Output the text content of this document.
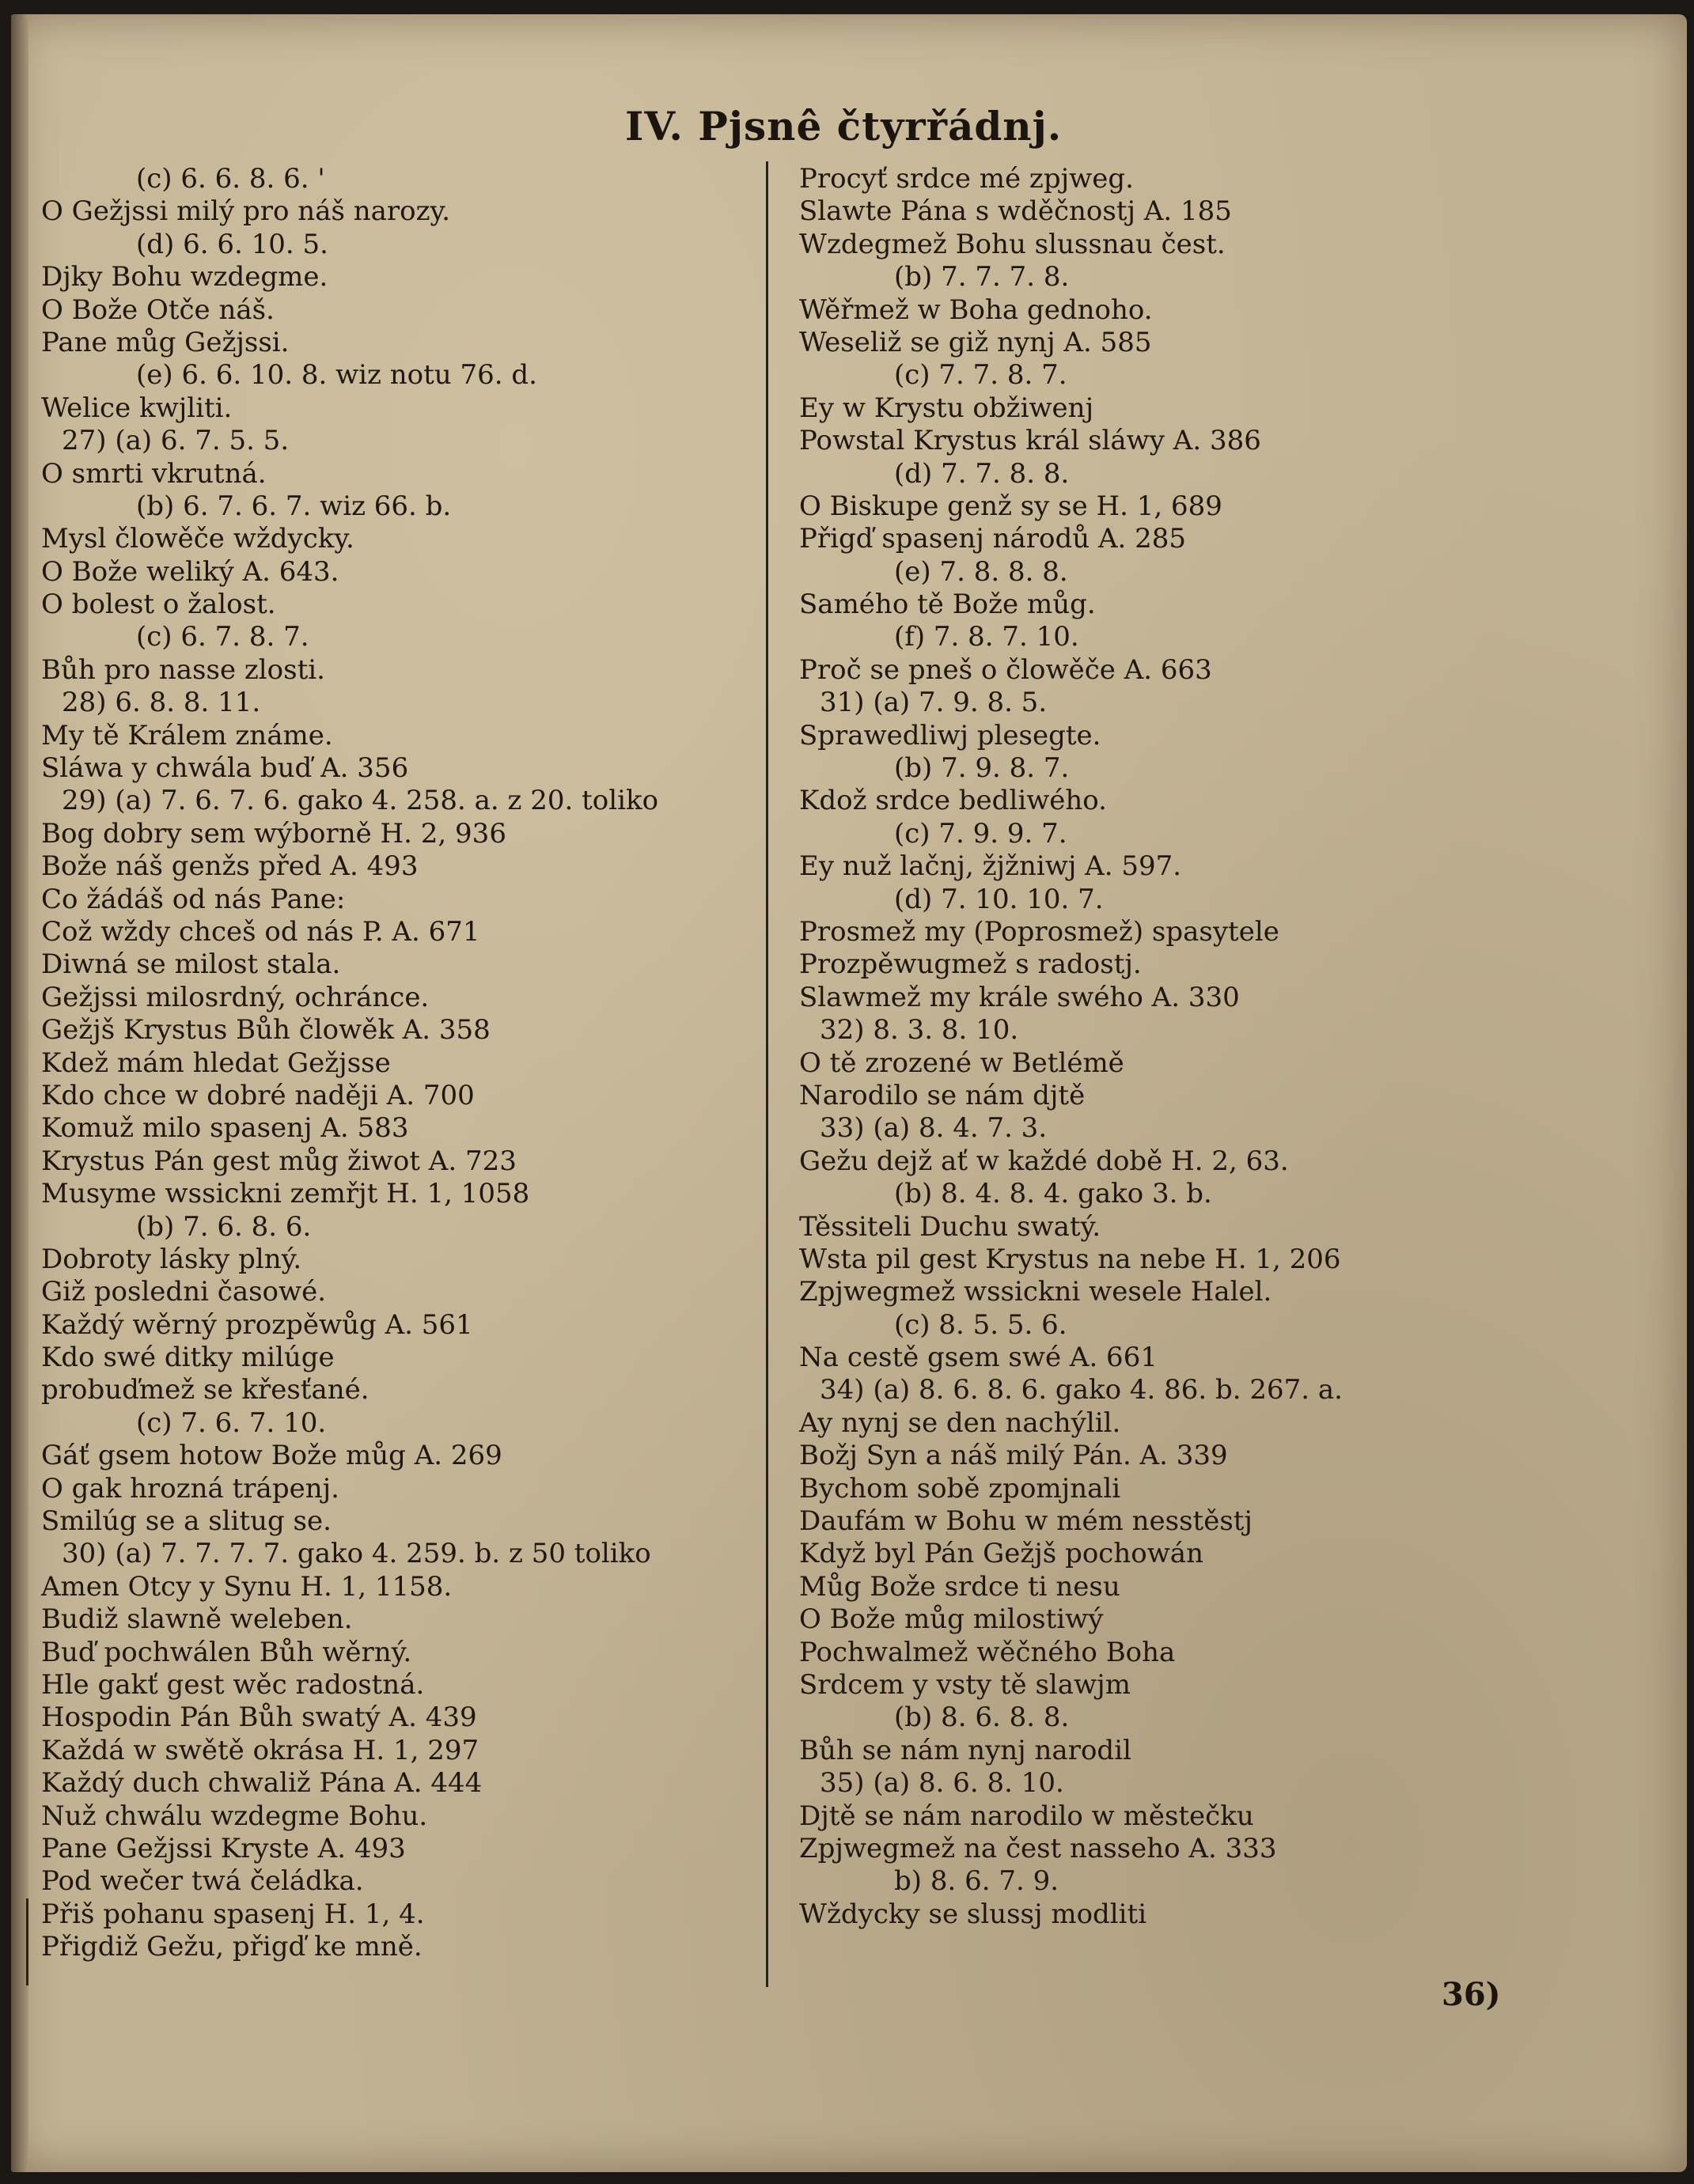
IV. Pjsnê čtyrřádnj.
(c) 6. 6. 8. 6. '
O Gežjssi milý pro náš narozy.
(d) 6. 6. 10. 5.
Djky Bohu wzdegme.
O Bože Otče náš.
Pane můg Gežjssi.
(e) 6. 6. 10. 8. wiz notu 76. d.
Welice kwjliti.
27) (a) 6. 7. 5. 5.
O smrti vkrutná.
(b) 6. 7. 6. 7. wiz 66. b.
Mysl člowěče wždycky.
O Bože weliký A. 643.
O bolest o žalost.
(c) 6. 7. 8. 7.
Bůh pro nasse zlosti.
28) 6. 8. 8. 11.
My tě Králem známe.
Sláwa y chwála buď A. 356
29) (a) 7. 6. 7. 6. gako 4. 258. a. z 20. toliko
Bog dobry sem wýborně H. 2, 936
Bože náš genžs před A. 493
Co žádáš od nás Pane:
Což wždy chceš od nás P. A. 671
Diwná se milost stala.
Gežjssi milosrdný, ochránce.
Gežjš Krystus Bůh člowěk A. 358
Kdež mám hledat Gežjsse
Kdo chce w dobré naději A. 700
Komuž milo spasenj A. 583
Krystus Pán gest můg žiwot A. 723
Musyme wssickni zemřjt H. 1, 1058
(b) 7. 6. 8. 6.
Dobroty lásky plný.
Giž posledni časowé.
Každý wěrný prozpěwůg A. 561
Kdo swé ditky milúge
probuďmež se křesťané.
(c) 7. 6. 7. 10.
Gáť gsem hotow Bože můg A. 269
O gak hrozná trápenj.
Smilúg se a slitug se.
30) (a) 7. 7. 7. 7. gako 4. 259. b. z 50 toliko
Amen Otcy y Synu H. 1, 1158.
Budiž slawně weleben.
Buď pochwálen Bůh wěrný.
Hle gakť gest wěc radostná.
Hospodin Pán Bůh swatý A. 439
Každá w swětě okrása H. 1, 297
Každý duch chwaliž Pána A. 444
Nuž chwálu wzdegme Bohu.
Pane Gežjssi Kryste A. 493
Pod wečer twá čeládka.
Přiš pohanu spasenj H. 1, 4.
Přigdiž Gežu, přigď ke mně.
Procyť srdce mé zpjweg.
Slawte Pána s wděčnostj A. 185
Wzdegmež Bohu slussnau čest.
(b) 7. 7. 7. 8.
Wěřmež w Boha gednoho.
Weseliž se giž nynj A. 585
(c) 7. 7. 8. 7.
Ey w Krystu obžiwenj
Powstal Krystus král sláwy A. 386
(d) 7. 7. 8. 8.
O Biskupe genž sy se H. 1, 689
Přigď spasenj národů A. 285
(e) 7. 8. 8. 8.
Samého tě Bože můg.
(f) 7. 8. 7. 10.
Proč se pneš o člowěče A. 663
31) (a) 7. 9. 8. 5.
Sprawedliwj plesegte.
(b) 7. 9. 8. 7.
Kdož srdce bedliwého.
(c) 7. 9. 9. 7.
Ey nuž lačnj, žjžniwj A. 597.
(d) 7. 10. 10. 7.
Prosmež my (Poprosmež) spasytele
Prozpěwugmež s radostj.
Slawmež my krále swého A. 330
32) 8. 3. 8. 10.
O tě zrozené w Betlémě
Narodilo se nám djtě
33) (a) 8. 4. 7. 3.
Gežu dejž ať w každé době H. 2, 63.
(b) 8. 4. 8. 4. gako 3. b.
Těssiteli Duchu swatý.
Wsta pil gest Krystus na nebe H. 1, 206
Zpjwegmež wssickni wesele Halel.
(c) 8. 5. 5. 6.
Na cestě gsem swé A. 661
34) (a) 8. 6. 8. 6. gako 4. 86. b. 267. a.
Ay nynj se den nachýlil.
Božj Syn a náš milý Pán. A. 339
Bychom sobě zpomjnali
Daufám w Bohu w mém nesstěstj
Když byl Pán Gežjš pochowán
Můg Bože srdce ti nesu
O Bože můg milostiwý
Pochwalmež wěčného Boha
Srdcem y vsty tě slawjm
(b) 8. 6. 8. 8.
Bůh se nám nynj narodil
35) (a) 8. 6. 8. 10.
Djtě se nám narodilo w městečku
Zpjwegmež na čest nasseho A. 333
b) 8. 6. 7. 9.
Wždycky se slussj modliti
36)
